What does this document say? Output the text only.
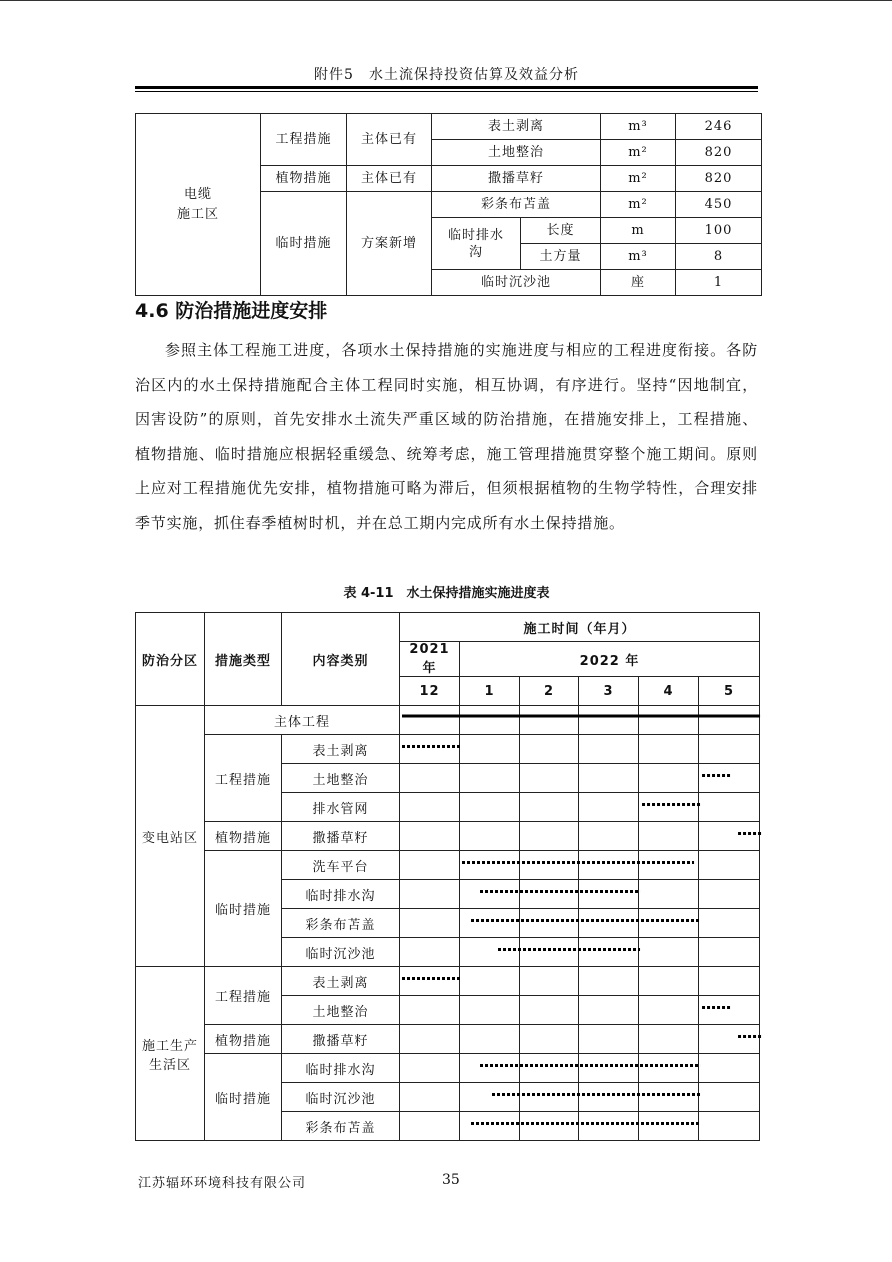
附件5　水土流保持投资估算及效益分析
电缆
施工区	工程措施	主体已有	表土剥离		m³	246
			土地整治		m²	820
	植物措施	主体已有	撒播草籽		m²	820
	临时措施	方案新增	彩条布苫盖		m²	450
			临时排水沟	长度	m	100
				土方量	m³	8
			临时沉沙池		座	1
4.6 防治措施进度安排

参照主体工程施工进度，各项水土保持措施的实施进度与相应的工程进度衔接。各防治区内的水土保持措施配合主体工程同时实施，相互协调，有序进行。坚持“因地制宜，因害设防”的原则，首先安排水土流失严重区域的防治措施，在措施安排上，工程措施、植物措施、临时措施应根据轻重缓急、统筹考虑，施工管理措施贯穿整个施工期间。原则上应对工程措施优先安排，植物措施可略为滞后，但须根据植物的生物学特性，合理安排季节实施，抓住春季植树时机，并在总工期内完成所有水土保持措施。

表 4-11　水土保持措施实施进度表
防治分区	措施类型	内容类别	施工时间（年月）					
			2021 年	2022 年				
			12	1	2	3	4	5
变电站区	主体工程							
	工程措施	表土剥离						
		土地整治						
		排水管网						
	植物措施	撒播草籽						
	临时措施	洗车平台						
		临时排水沟						
		彩条布苫盖						
		临时沉沙池						
施工生产
生活区	工程措施	表土剥离						
		土地整治						
	植物措施	撒播草籽						
	临时措施	临时排水沟						
		临时沉沙池						
		彩条布苫盖						
江苏辐环环境科技有限公司	35
